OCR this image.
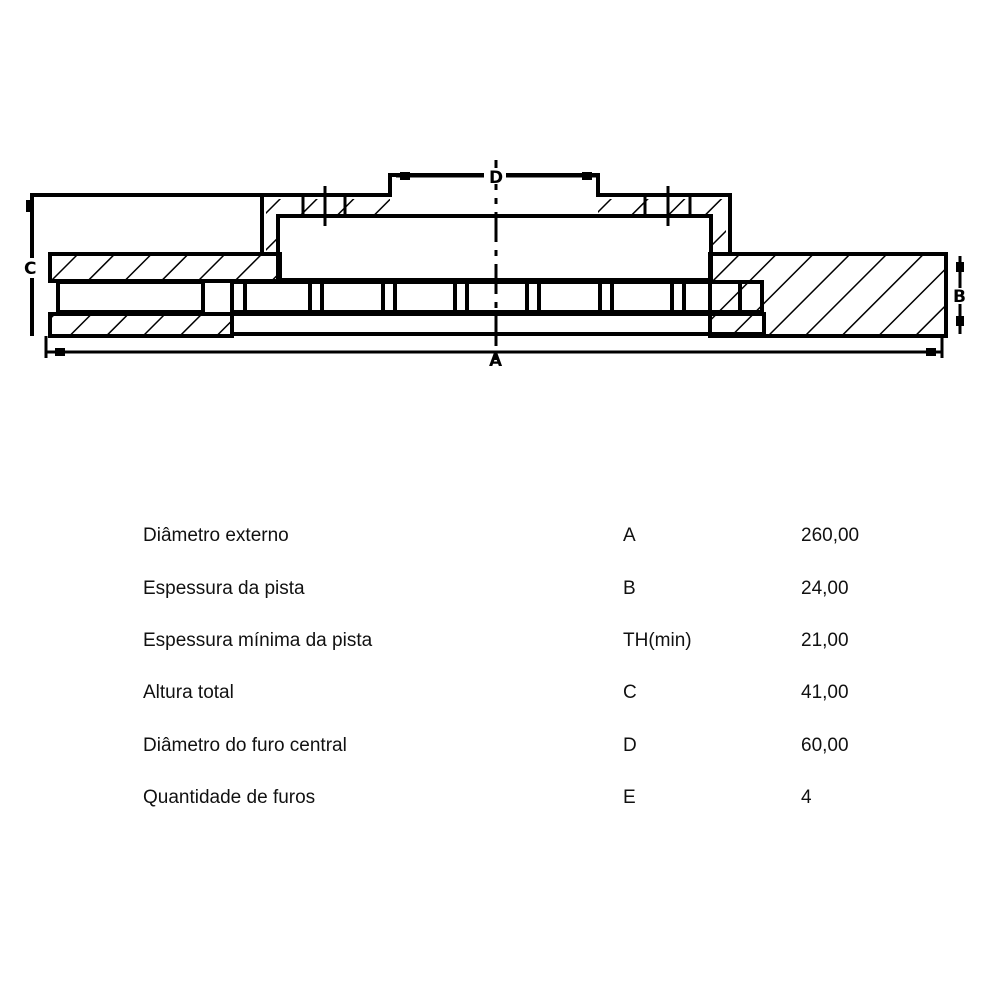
A
D
B
C
Diâmetro externo	A	260,00
Espessura da pista	B	24,00
Espessura mínima da pista	TH(min)	21,00
Altura total	C	41,00
Diâmetro do furo central	D	60,00
Quantidade de furos	E	4
